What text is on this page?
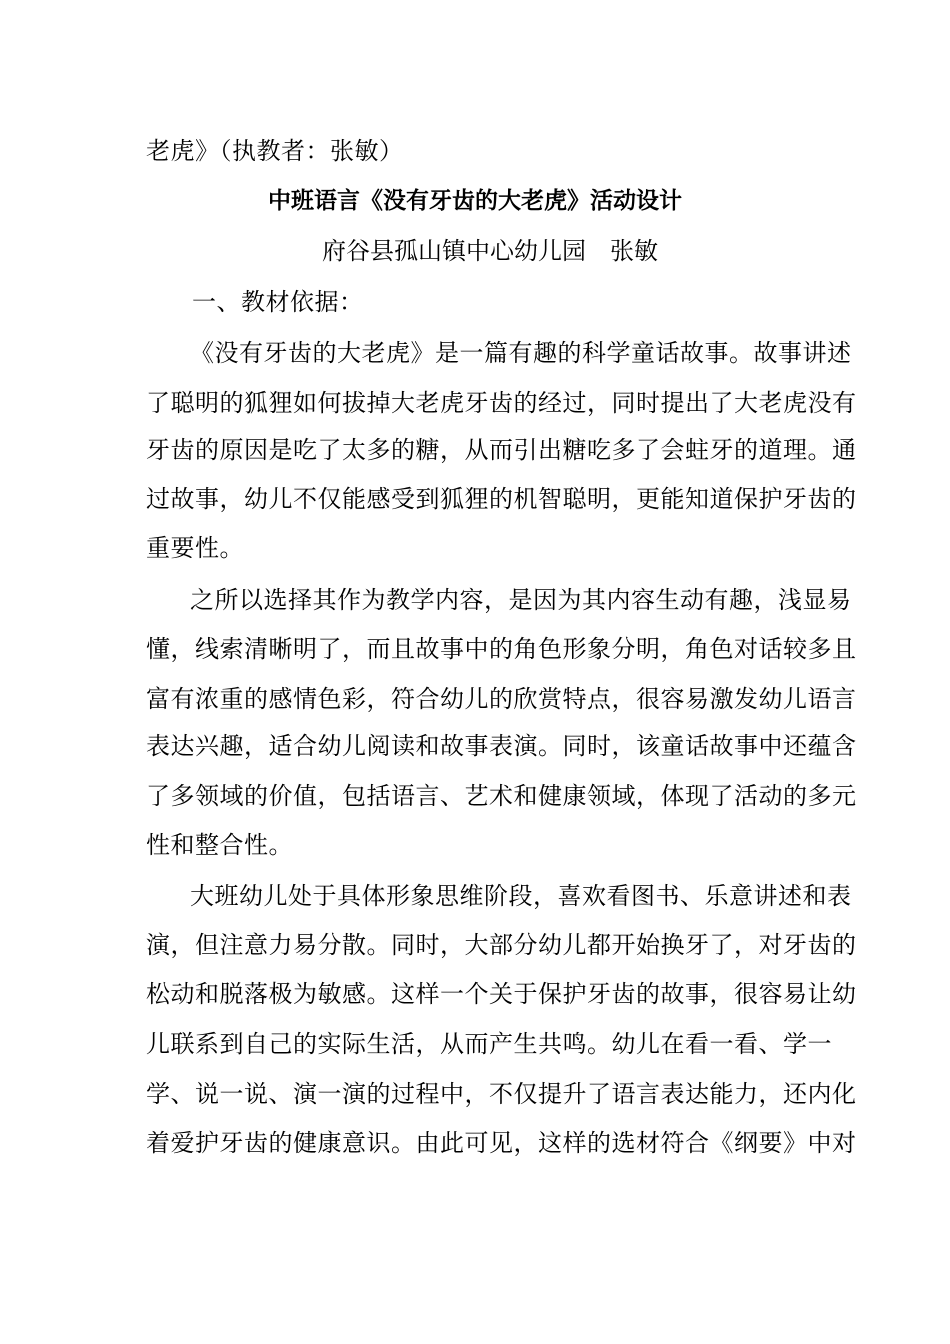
老虎》（执教者：张敏）
中班语言《没有牙齿的大老虎》活动设计
府谷县孤山镇中心幼儿园　张敏
一、教材依据：
《没有牙齿的大老虎》是一篇有趣的科学童话故事。故事讲述
了聪明的狐狸如何拔掉大老虎牙齿的经过，同时提出了大老虎没有
牙齿的原因是吃了太多的糖，从而引出糖吃多了会蛀牙的道理。通
过故事，幼儿不仅能感受到狐狸的机智聪明，更能知道保护牙齿的
重要性。
之所以选择其作为教学内容，是因为其内容生动有趣，浅显易
懂，线索清晰明了，而且故事中的角色形象分明，角色对话较多且
富有浓重的感情色彩，符合幼儿的欣赏特点，很容易激发幼儿语言
表达兴趣，适合幼儿阅读和故事表演。同时，该童话故事中还蕴含
了多领域的价值，包括语言、艺术和健康领域，体现了活动的多元
性和整合性。
大班幼儿处于具体形象思维阶段，喜欢看图书、乐意讲述和表
演，但注意力易分散。同时，大部分幼儿都开始换牙了，对牙齿的
松动和脱落极为敏感。这样一个关于保护牙齿的故事，很容易让幼
儿联系到自己的实际生活，从而产生共鸣。幼儿在看一看、学一
学、说一说、演一演的过程中，不仅提升了语言表达能力，还内化
着爱护牙齿的健康意识。由此可见，这样的选材符合《纲要》中对
